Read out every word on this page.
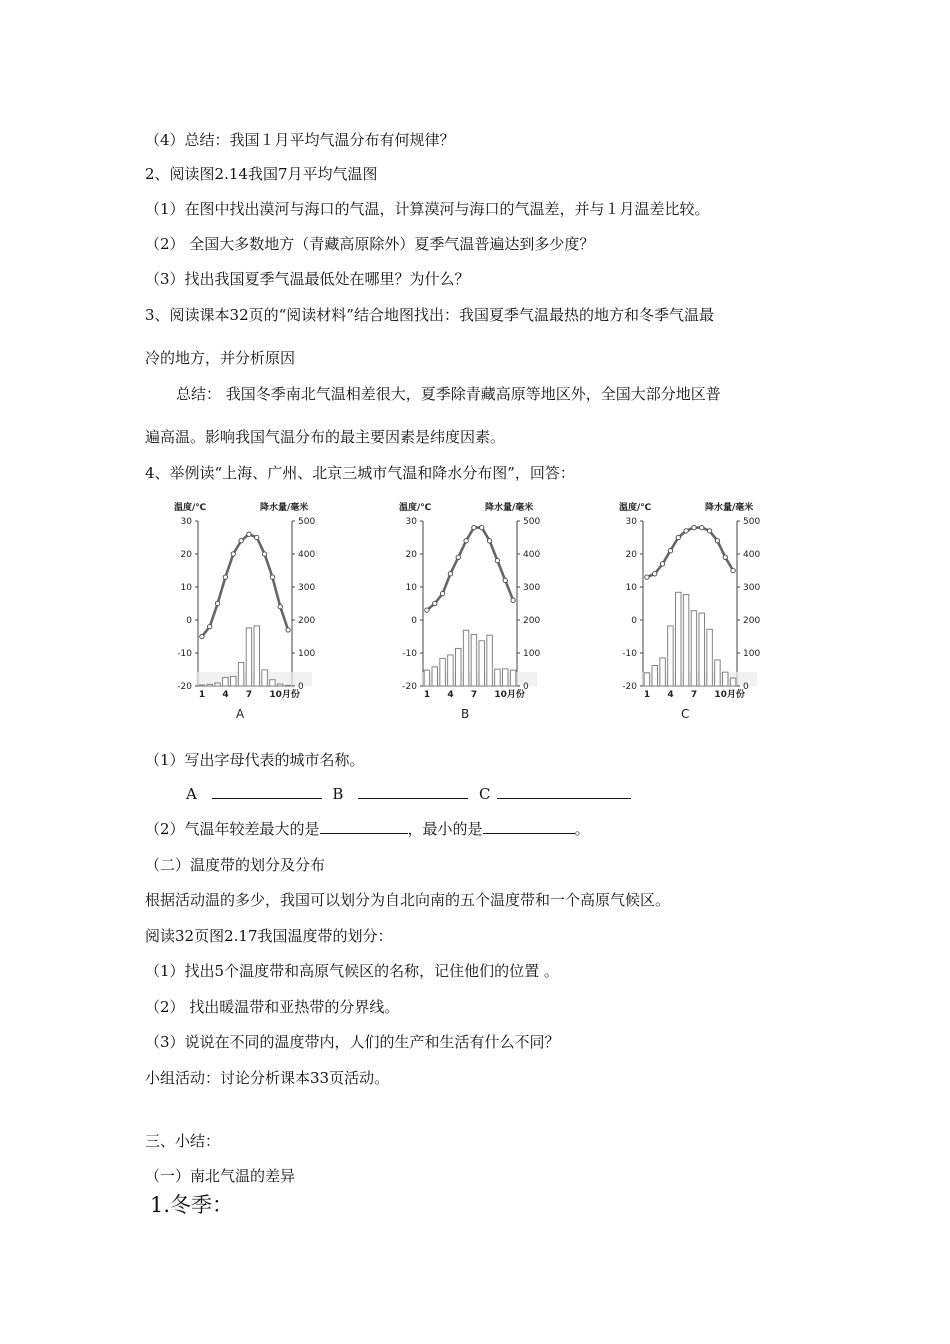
（4）总结：我国１月平均气温分布有何规律？
2、阅读图2.14我国7月平均气温图
（1）在图中找出漠河与海口的气温，计算漠河与海口的气温差，并与１月温差比较。
（2） 全国大多数地方（青藏高原除外）夏季气温普遍达到多少度？
（3）找出我国夏季气温最低处在哪里？为什么？
3、阅读课本32页的“阅读材料”结合地图找出：我国夏季气温最热的地方和冬季气温最
冷的地方，并分析原因
总结： 我国冬季南北气温相差很大，夏季除青藏高原等地区外，全国大部分地区普
遍高温。影响我国气温分布的最主要因素是纬度因素。
4、举例读“上海、广州、北京三城市气温和降水分布图”，回答：
温度/℃	降水量/毫米
30
20
10
0
-10
-20
500
400
300
200
100
0
1 4 7 10月份
A
温度/℃	降水量/毫米
30
20
10
0
-10
-20
500
400
300
200
100
0
1 4 7 10月份
B
温度/℃	降水量/毫米
30
20
10
0
-10
-20
500
400
300
200
100
0
1 4 7 10月份
C
（1）写出字母代表的城市名称。
A	B	C
（2）气温年较差最大的是	，最小的是	。
（二）温度带的划分及分布
根据活动温的多少，我国可以划分为自北向南的五个温度带和一个高原气候区。
阅读32页图2.17我国温度带的划分：
（1）找出5个温度带和高原气候区的名称，记住他们的位置 。
（2） 找出暖温带和亚热带的分界线。
（3）说说在不同的温度带内，人们的生产和生活有什么不同？
小组活动：讨论分析课本33页活动。
三、小结：
（一）南北气温的差异
1.冬季：
